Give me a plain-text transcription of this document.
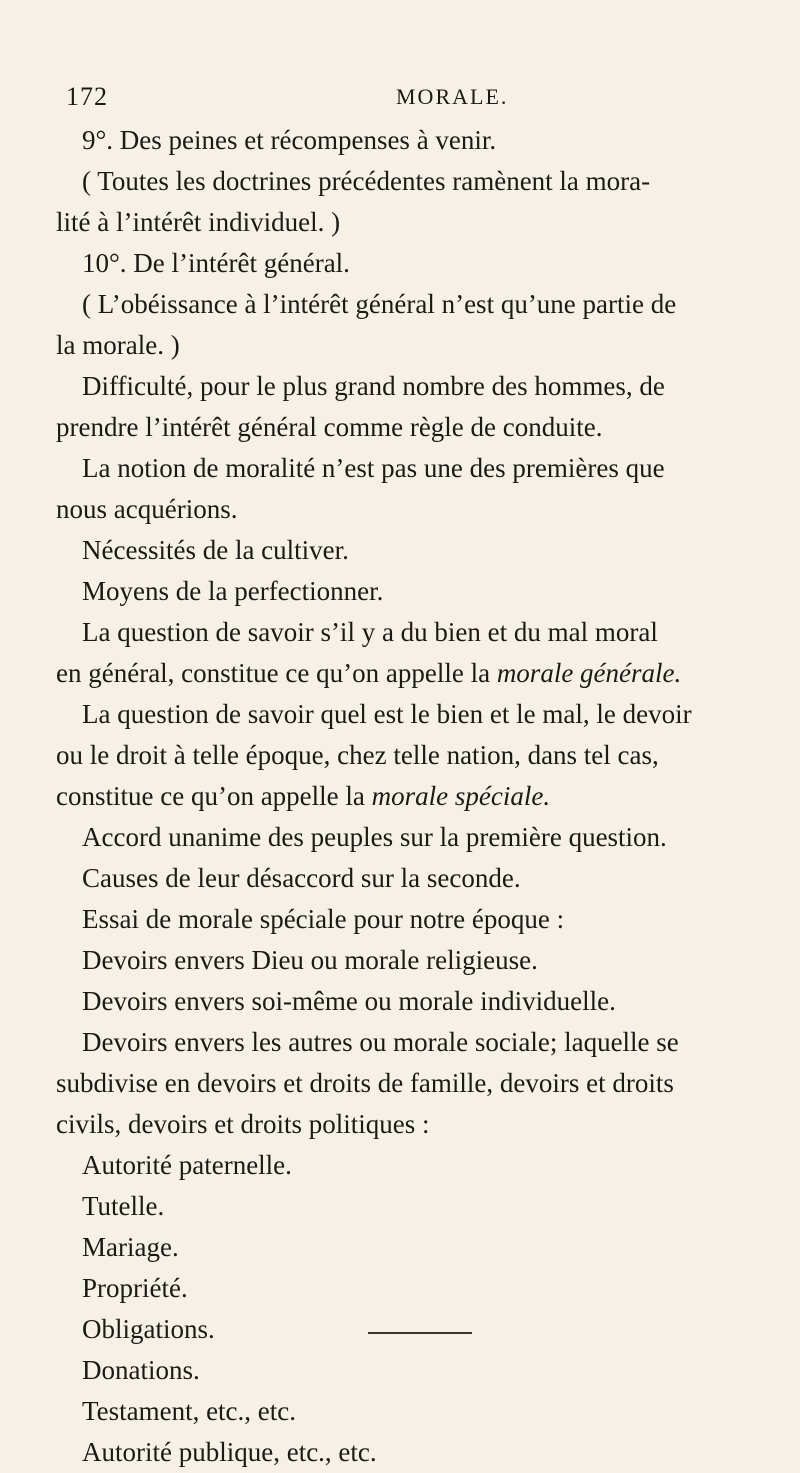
172	MORALE.
9°. Des peines et récompenses à venir.
( Toutes les doctrines précédentes ramènent la mora-
lité à l’intérêt individuel. )
10°. De l’intérêt général.
( L’obéissance à l’intérêt général n’est qu’une partie de
la morale. )
Difficulté, pour le plus grand nombre des hommes, de
prendre l’intérêt général comme règle de conduite.
La notion de moralité n’est pas une des premières que
nous acquérions.
Nécessités de la cultiver.
Moyens de la perfectionner.
La question de savoir s’il y a du bien et du mal moral
en général, constitue ce qu’on appelle la morale générale.
La question de savoir quel est le bien et le mal, le devoir
ou le droit à telle époque, chez telle nation, dans tel cas,
constitue ce qu’on appelle la morale spéciale.
Accord unanime des peuples sur la première question.
Causes de leur désaccord sur la seconde.
Essai de morale spéciale pour notre époque :
Devoirs envers Dieu ou morale religieuse.
Devoirs envers soi-même ou morale individuelle.
Devoirs envers les autres ou morale sociale; laquelle se
subdivise en devoirs et droits de famille, devoirs et droits
civils, devoirs et droits politiques :
Autorité paternelle.
Tutelle.
Mariage.
Propriété.
Obligations.
Donations.
Testament, etc., etc.
Autorité publique, etc., etc.
